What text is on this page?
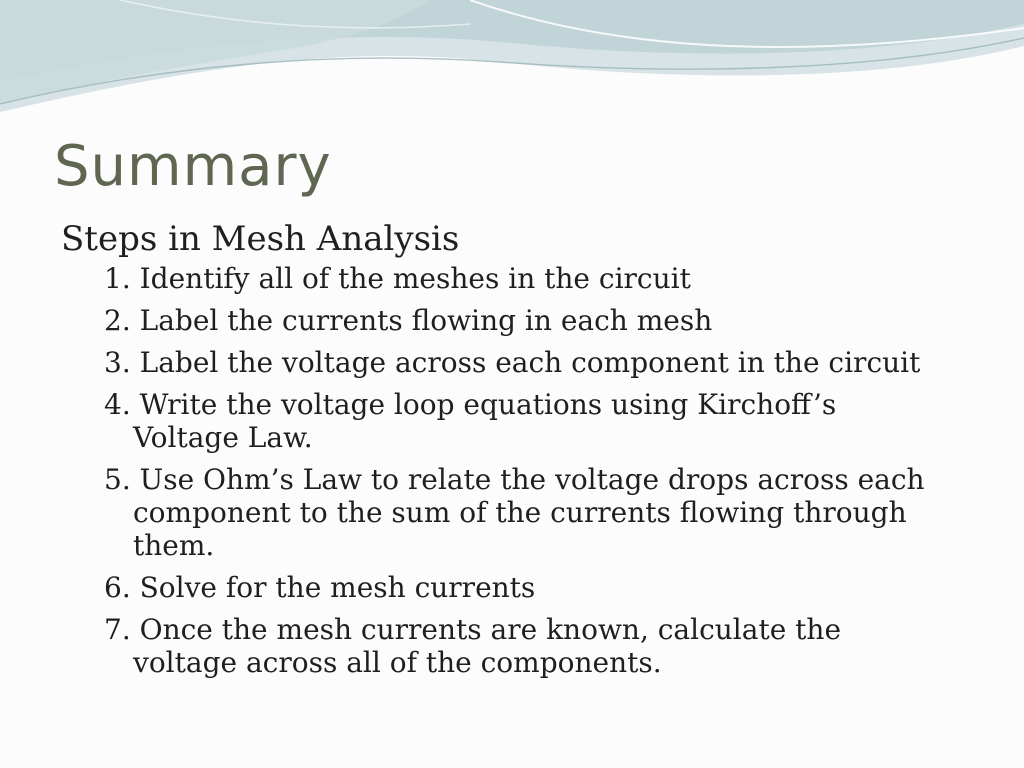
Summary
Steps in Mesh Analysis
1. Identify all of the meshes in the circuit
2. Label the currents flowing in each mesh
3. Label the voltage across each component in the circuit
4. Write the voltage loop equations using Kirchoff’s Voltage Law.
5. Use Ohm’s Law to relate the voltage drops across each component to the sum of the currents flowing through them.
6. Solve for the mesh currents
7. Once the mesh currents are known, calculate the voltage across all of the components.
